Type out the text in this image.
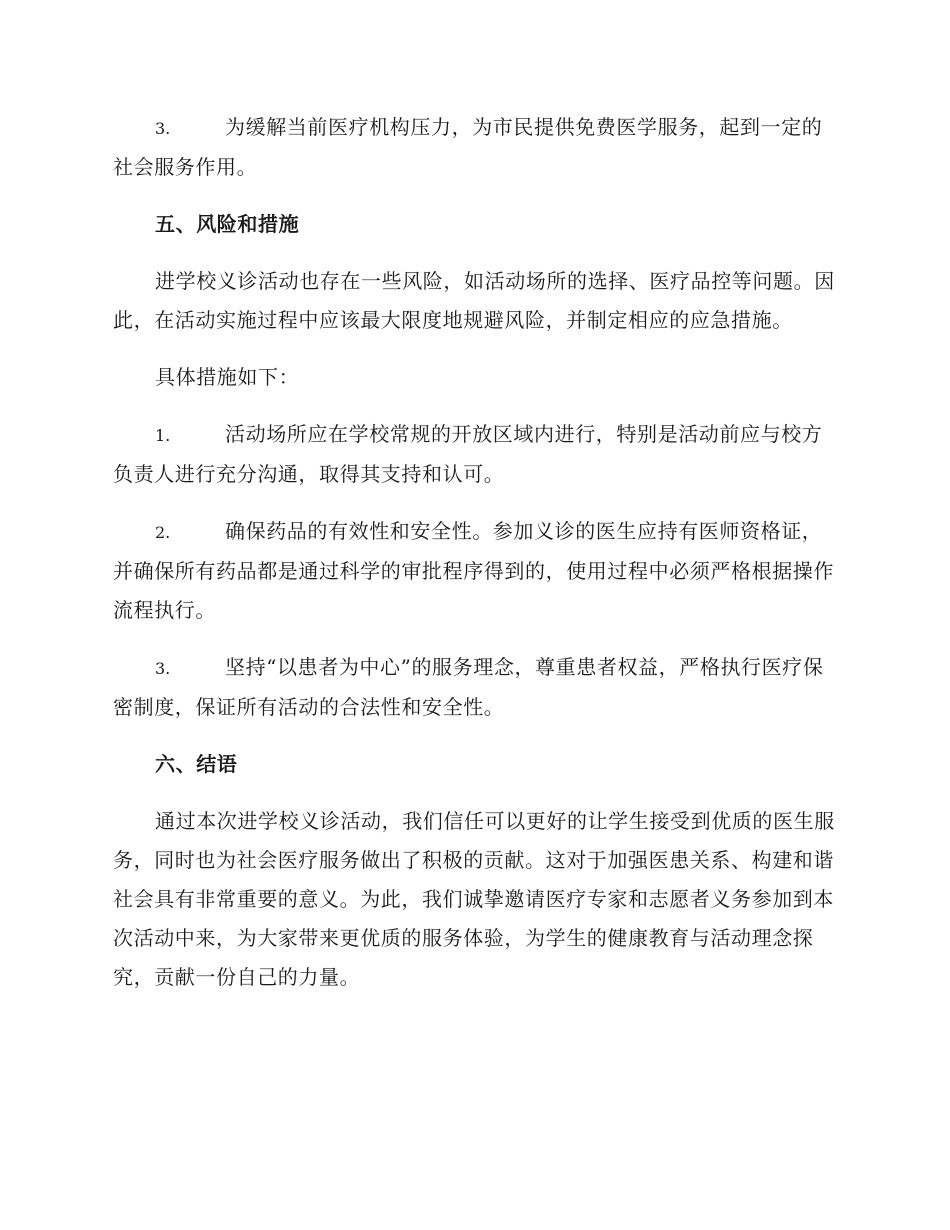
3.	为缓解当前医疗机构压力，为市民提供免费医学服务，起到一定的社会服务作用。

五、风险和措施

进学校义诊活动也存在一些风险，如活动场所的选择、医疗品控等问题。因此，在活动实施过程中应该最大限度地规避风险，并制定相应的应急措施。

具体措施如下：

1.	活动场所应在学校常规的开放区域内进行，特别是活动前应与校方负责人进行充分沟通，取得其支持和认可。

2.	确保药品的有效性和安全性。参加义诊的医生应持有医师资格证，并确保所有药品都是通过科学的审批程序得到的，使用过程中必须严格根据操作流程执行。

3.	坚持“以患者为中心”的服务理念，尊重患者权益，严格执行医疗保密制度，保证所有活动的合法性和安全性。

六、结语

通过本次进学校义诊活动，我们信任可以更好的让学生接受到优质的医生服务，同时也为社会医疗服务做出了积极的贡献。这对于加强医患关系、构建和谐社会具有非常重要的意义。为此，我们诚挚邀请医疗专家和志愿者义务参加到本次活动中来，为大家带来更优质的服务体验，为学生的健康教育与活动理念探究，贡献一份自己的力量。
